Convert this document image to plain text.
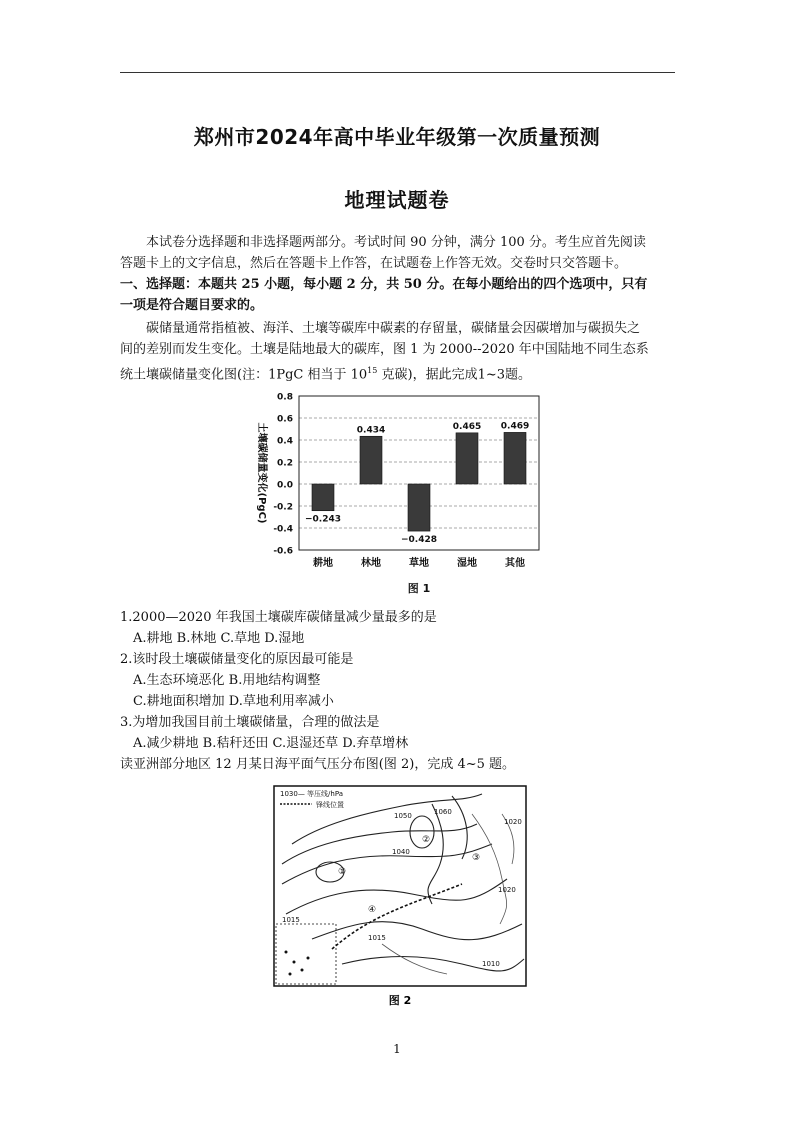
郑州市2024年高中毕业年级第一次质量预测
地理试题卷
本试卷分选择题和非选择题两部分。考试时间 90 分钟，满分 100 分。考生应首先阅读
答题卡上的文字信息，然后在答题卡上作答，在试题卷上作答无效。交卷时只交答题卡。
一、选择题：本题共 25 小题，每小题 2 分，共 50 分。在每小题给出的四个选项中，只有
一项是符合题目要求的。
碳储量通常指植被、海洋、土壤等碳库中碳素的存留量，碳储量会因碳增加与碳损失之
间的差别而发生变化。土壤是陆地最大的碳库，图 1 为 2000--2020 年中国陆地不同生态系
统土壤碳储量变化图(注：1PgC 相当于 $10^{15}$ 克碳)，据此完成1~3题。
0.8
0.6
0.4
0.2
0.0
-0.2
-0.4
-0.6
−0.243
0.434
−0.428
0.465 0.469
耕地	林地	草地	湿地	其他
土壤碳储量变化(PgC)
图 1
1.2000—2020 年我国土壤碳库碳储量减少量最多的是
A.耕地 B.林地 C.草地 D.湿地
2.该时段土壤碳储量变化的原因最可能是
A.生态环境恶化 B.用地结构调整
C.耕地面积增加 D.草地利用率减小
3.为增加我国目前土壤碳储量，合理的做法是
A.减少耕地 B.秸秆还田 C.退湿还草 D.弃草增林
读亚洲部分地区 12 月某日海平面气压分布图(图 2)，完成 4~5 题。
1030— 等压线/hPa
锋线位置
1050	1060
1040
1020
1020
1015
1015
1010
①
②
③
④
图 2
1
